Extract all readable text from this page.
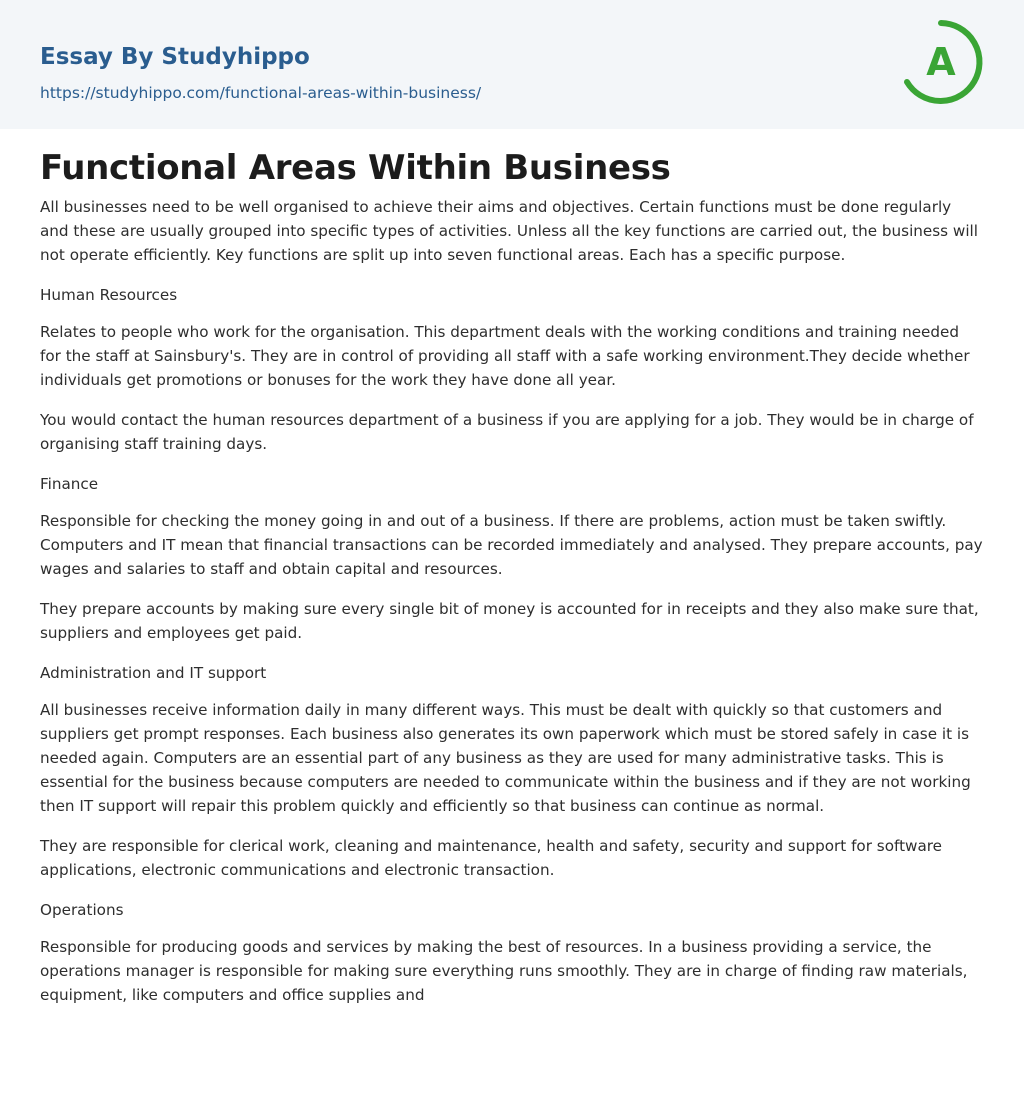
Essay By Studyhippo
https://studyhippo.com/functional-areas-within-business/
A
Functional Areas Within Business

All businesses need to be well organised to achieve their aims and objectives. Certain functions must be done regularly and these are usually grouped into specific types of activities. Unless all the key functions are carried out, the business will not operate efficiently. Key functions are split up into seven functional areas. Each has a specific purpose.

Human Resources

Relates to people who work for the organisation. This department deals with the working conditions and training needed for the staff at Sainsbury's. They are in control of providing all staff with a safe working environment.They decide whether individuals get promotions or bonuses for the work they have done all year.

You would contact the human resources department of a business if you are applying for a job. They would be in charge of organising staff training days.

Finance

Responsible for checking the money going in and out of a business. If there are problems, action must be taken swiftly. Computers and IT mean that financial transactions can be recorded immediately and analysed. They prepare accounts, pay wages and salaries to staff and obtain capital and resources.

They prepare accounts by making sure every single bit of money is accounted for in receipts and they also make sure that, suppliers and employees get paid.

Administration and IT support

All businesses receive information daily in many different ways. This must be dealt with quickly so that customers and suppliers get prompt responses. Each business also generates its own paperwork which must be stored safely in case it is needed again. Computers are an essential part of any business as they are used for many administrative tasks. This is essential for the business because computers are needed to communicate within the business and if they are not working then IT support will repair this problem quickly and efficiently so that business can continue as normal.

They are responsible for clerical work, cleaning and maintenance, health and safety, security and support for software applications, electronic communications and electronic transaction.

Operations

Responsible for producing goods and services by making the best of resources. In a business providing a service, the operations manager is responsible for making sure everything runs smoothly. They are in charge of finding raw materials, equipment, like computers and office supplies and
